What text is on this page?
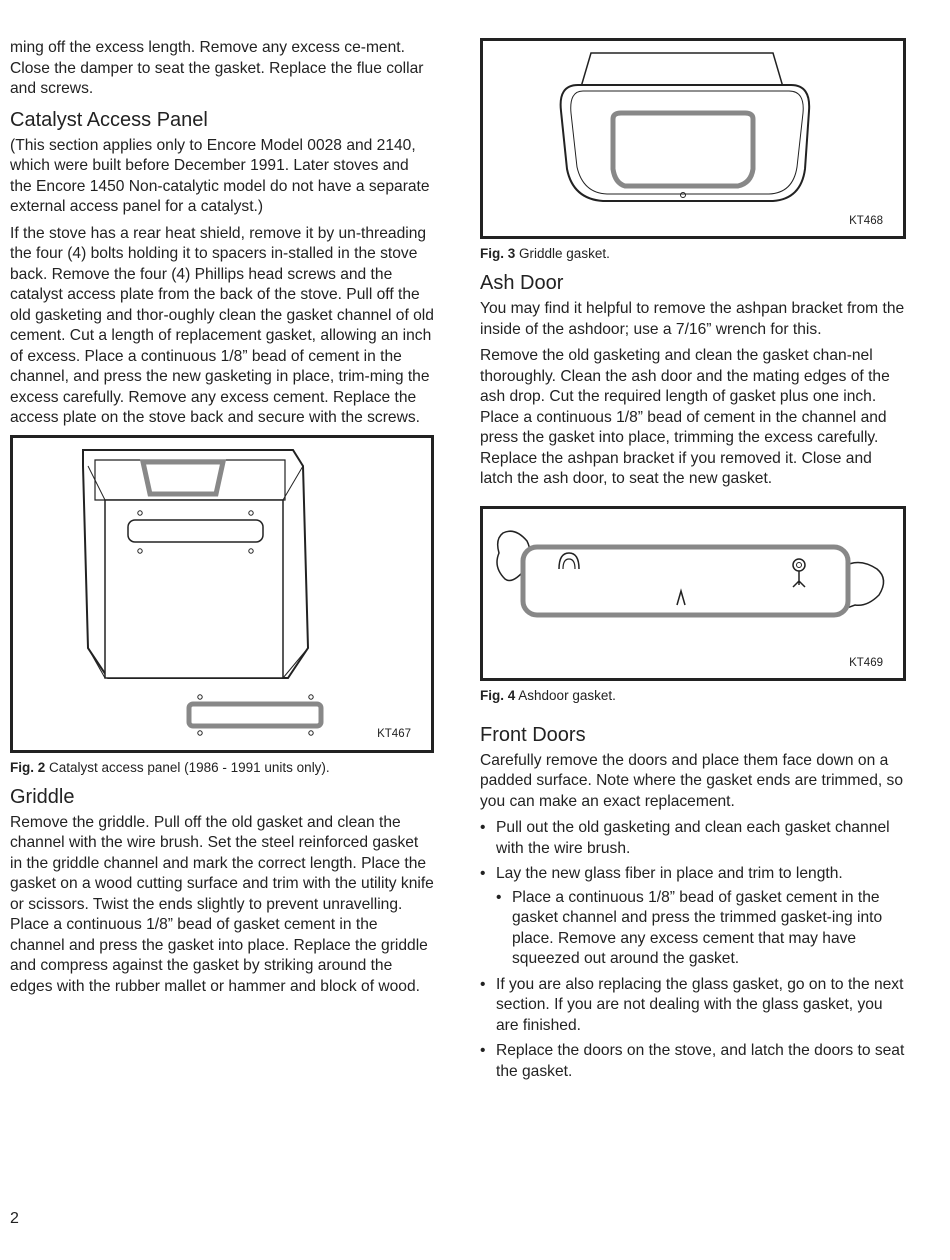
ming off the excess length. Remove any excess ce-ment. Close the damper to seat the gasket. Replace the flue collar and screws.

Catalyst Access Panel

(This section applies only to Encore Model 0028 and 2140, which were built before December 1991. Later stoves and the Encore 1450 Non-catalytic model do not have a separate external access panel for a catalyst.)

If the stove has a rear heat shield, remove it by un-threading the four (4) bolts holding it to spacers in-stalled in the stove back. Remove the four (4) Phillips head screws and the catalyst access plate from the back of the stove. Pull off the old gasketing and thor-oughly clean the gasket channel of old cement. Cut a length of replacement gasket, allowing an inch of excess. Place a continuous 1/8” bead of cement in the channel, and press the new gasketing in place, trim-ming the excess carefully. Remove any excess cement. Replace the access plate on the stove back and secure with the screws.

KT467
Fig. 2 Catalyst access panel (1986 - 1991 units only).
Griddle

Remove the griddle. Pull off the old gasket and clean the channel with the wire brush. Set the steel reinforced gasket in the griddle channel and mark the correct length. Place the gasket on a wood cutting surface and trim with the utility knife or scissors. Twist the ends slightly to prevent unravelling. Place a continuous 1/8” bead of gasket cement in the channel and press the gasket into place. Replace the griddle and compress against the gasket by striking around the edges with the rubber mallet or hammer and block of wood.

KT468
Fig. 3 Griddle gasket.
Ash Door

You may find it helpful to remove the ashpan bracket from the inside of the ashdoor; use a 7/16” wrench for this.

Remove the old gasketing and clean the gasket chan-nel thoroughly. Clean the ash door and the mating edges of the ash drop. Cut the required length of gasket plus one inch. Place a continuous 1/8” bead of cement in the channel and press the gasket into place, trimming the excess carefully. Replace the ashpan bracket if you removed it. Close and latch the ash door, to seat the new gasket.

KT469
Fig. 4 Ashdoor gasket.
Front Doors

Carefully remove the doors and place them face down on a padded surface. Note where the gasket ends are trimmed, so you can make an exact replacement.

• Pull out the old gasketing and clean each gasket channel with the wire brush.
• Lay the new glass fiber in place and trim to length.
• Place a continuous 1/8” bead of gasket cement in the gasket channel and press the trimmed gasket-ing into place. Remove any excess cement that may have squeezed out around the gasket.
• If you are also replacing the glass gasket, go on to the next section. If you are not dealing with the glass gasket, you are finished.
• Replace the doors on the stove, and latch the doors to seat the gasket.
2
